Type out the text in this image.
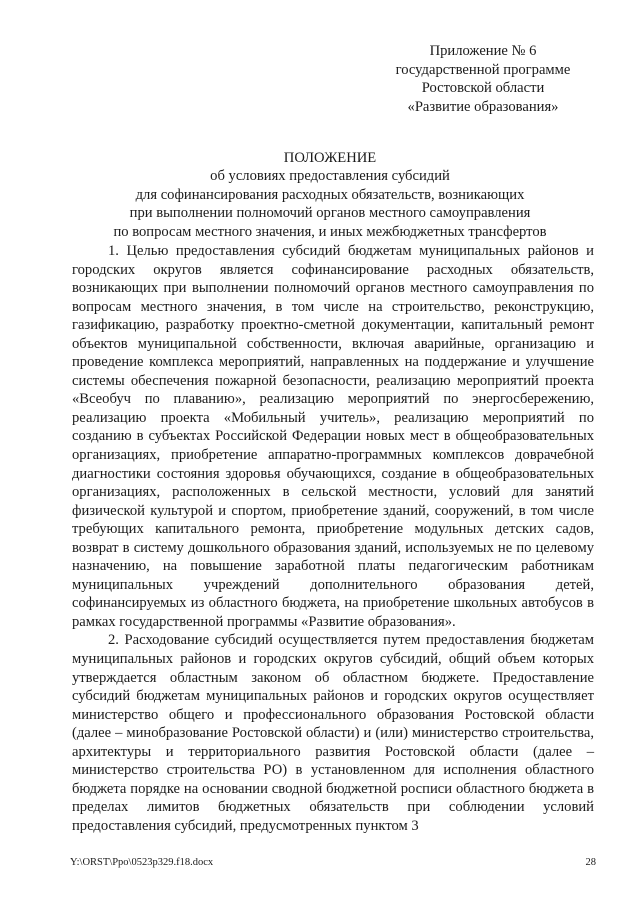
Приложение № 6
государственной программе
Ростовской области
«Развитие образования»
ПОЛОЖЕНИЕ
об условиях предоставления субсидий
для софинансирования расходных обязательств, возникающих
при выполнении полномочий органов местного самоуправления
по вопросам местного значения, и иных межбюджетных трансфертов

1. Целью предоставления субсидий бюджетам муниципальных районов и городских округов является софинансирование расходных обязательств, возникающих при выполнении полномочий органов местного самоуправления по вопросам местного значения, в том числе на строительство, реконструкцию, газификацию, разработку проектно-сметной документации, капитальный ремонт объектов муниципальной собственности, включая аварийные, организацию и проведение комплекса мероприятий, направленных на поддержание и улучшение системы обеспечения пожарной безопасности, реализацию мероприятий проекта «Всеобуч по плаванию», реализацию мероприятий по энергосбережению, реализацию проекта «Мобильный учитель», реализацию мероприятий по созданию в субъектах Российской Федерации новых мест в общеобразовательных организациях, приобретение аппаратно-программных комплексов доврачебной диагностики состояния здоровья обучающихся, создание в общеобразовательных организациях, расположенных в сельской местности, условий для занятий физической культурой и спортом, приобретение зданий, сооружений, в том числе требующих капитального ремонта, приобретение модульных детских садов, возврат в систему дошкольного образования зданий, используемых не по целевому назначению, на повышение заработной платы педагогическим работникам муниципальных учреждений дополнительного образования детей, софинансируемых из областного бюджета, на приобретение школьных автобусов в рамках государственной программы «Развитие образования».

2. Расходование субсидий осуществляется путем предоставления бюджетам муниципальных районов и городских округов субсидий, общий объем которых утверждается областным законом об областном бюджете. Предоставление субсидий бюджетам муниципальных районов и городских округов осуществляет министерство общего и профессионального образования Ростовской области (далее – минобразование Ростовской области) и (или) министерство строительства, архитектуры и территориального развития Ростовской области (далее – министерство строительства РО) в установленном для исполнения областного бюджета порядке на основании сводной бюджетной росписи областного бюджета в пределах лимитов бюджетных обязательств при соблюдении условий предоставления субсидий, предусмотренных пунктом 3

Y:\ORST\Ppo\0523p329.f18.docx	28
